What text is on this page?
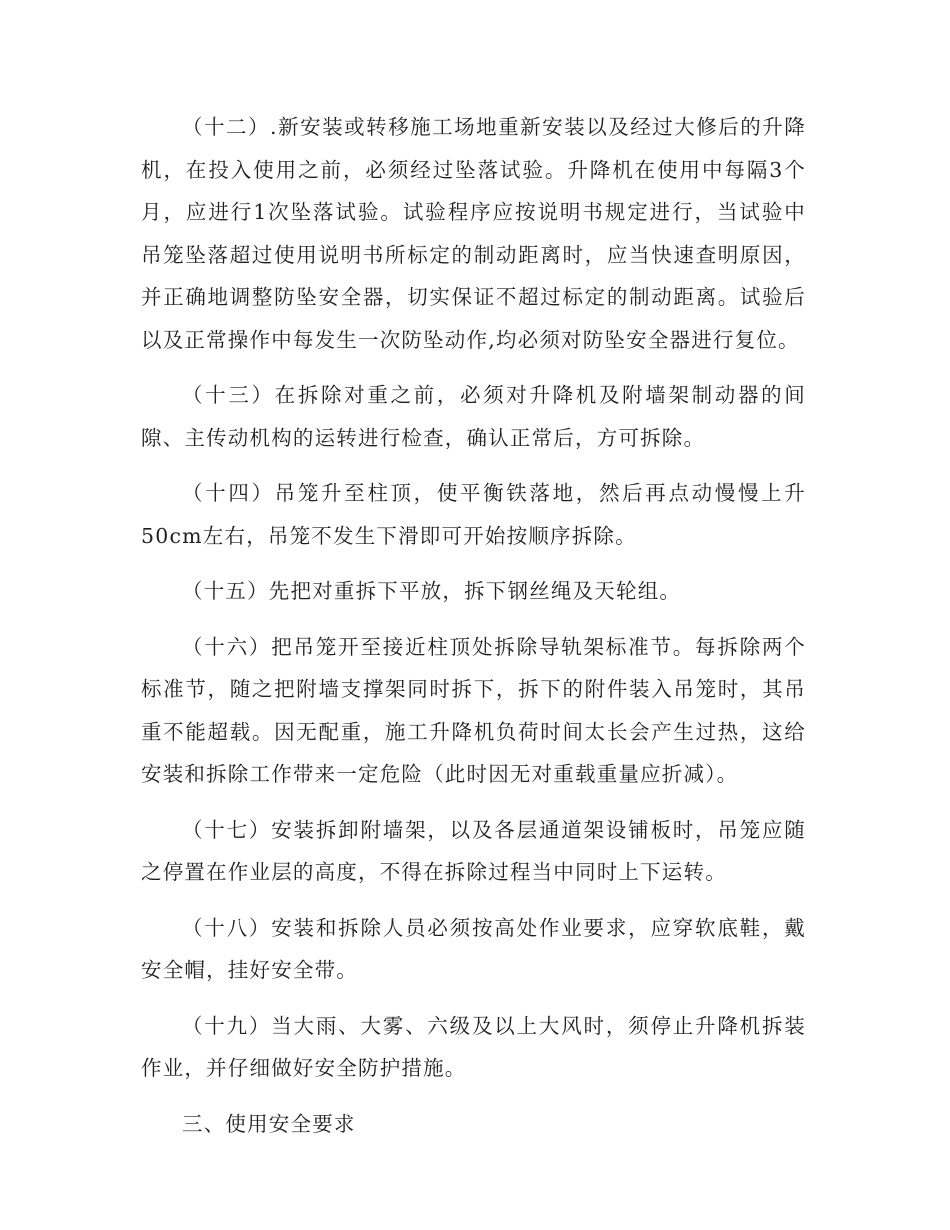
（十二）.新安装或转移施工场地重新安装以及经过大修后的升降机，在投入使用之前，必须经过坠落试验。升降机在使用中每隔3个月，应进行1次坠落试验。试验程序应按说明书规定进行，当试验中吊笼坠落超过使用说明书所标定的制动距离时，应当快速查明原因，并正确地调整防坠安全器，切实保证不超过标定的制动距离。试验后以及正常操作中每发生一次防坠动作,均必须对防坠安全器进行复位。

（十三）在拆除对重之前，必须对升降机及附墙架制动器的间隙、主传动机构的运转进行检查，确认正常后，方可拆除。

（十四）吊笼升至柱顶，使平衡铁落地，然后再点动慢慢上升50cm左右，吊笼不发生下滑即可开始按顺序拆除。

（十五）先把对重拆下平放，拆下钢丝绳及天轮组。

（十六）把吊笼开至接近柱顶处拆除导轨架标准节。每拆除两个标准节，随之把附墙支撑架同时拆下，拆下的附件装入吊笼时，其吊重不能超载。因无配重，施工升降机负荷时间太长会产生过热，这给安装和拆除工作带来一定危险（此时因无对重载重量应折减）。

（十七）安装拆卸附墙架，以及各层通道架设铺板时，吊笼应随之停置在作业层的高度，不得在拆除过程当中同时上下运转。

（十八）安装和拆除人员必须按高处作业要求，应穿软底鞋，戴安全帽，挂好安全带。

（十九）当大雨、大雾、六级及以上大风时，须停止升降机拆装作业，并仔细做好安全防护措施。

三、使用安全要求
